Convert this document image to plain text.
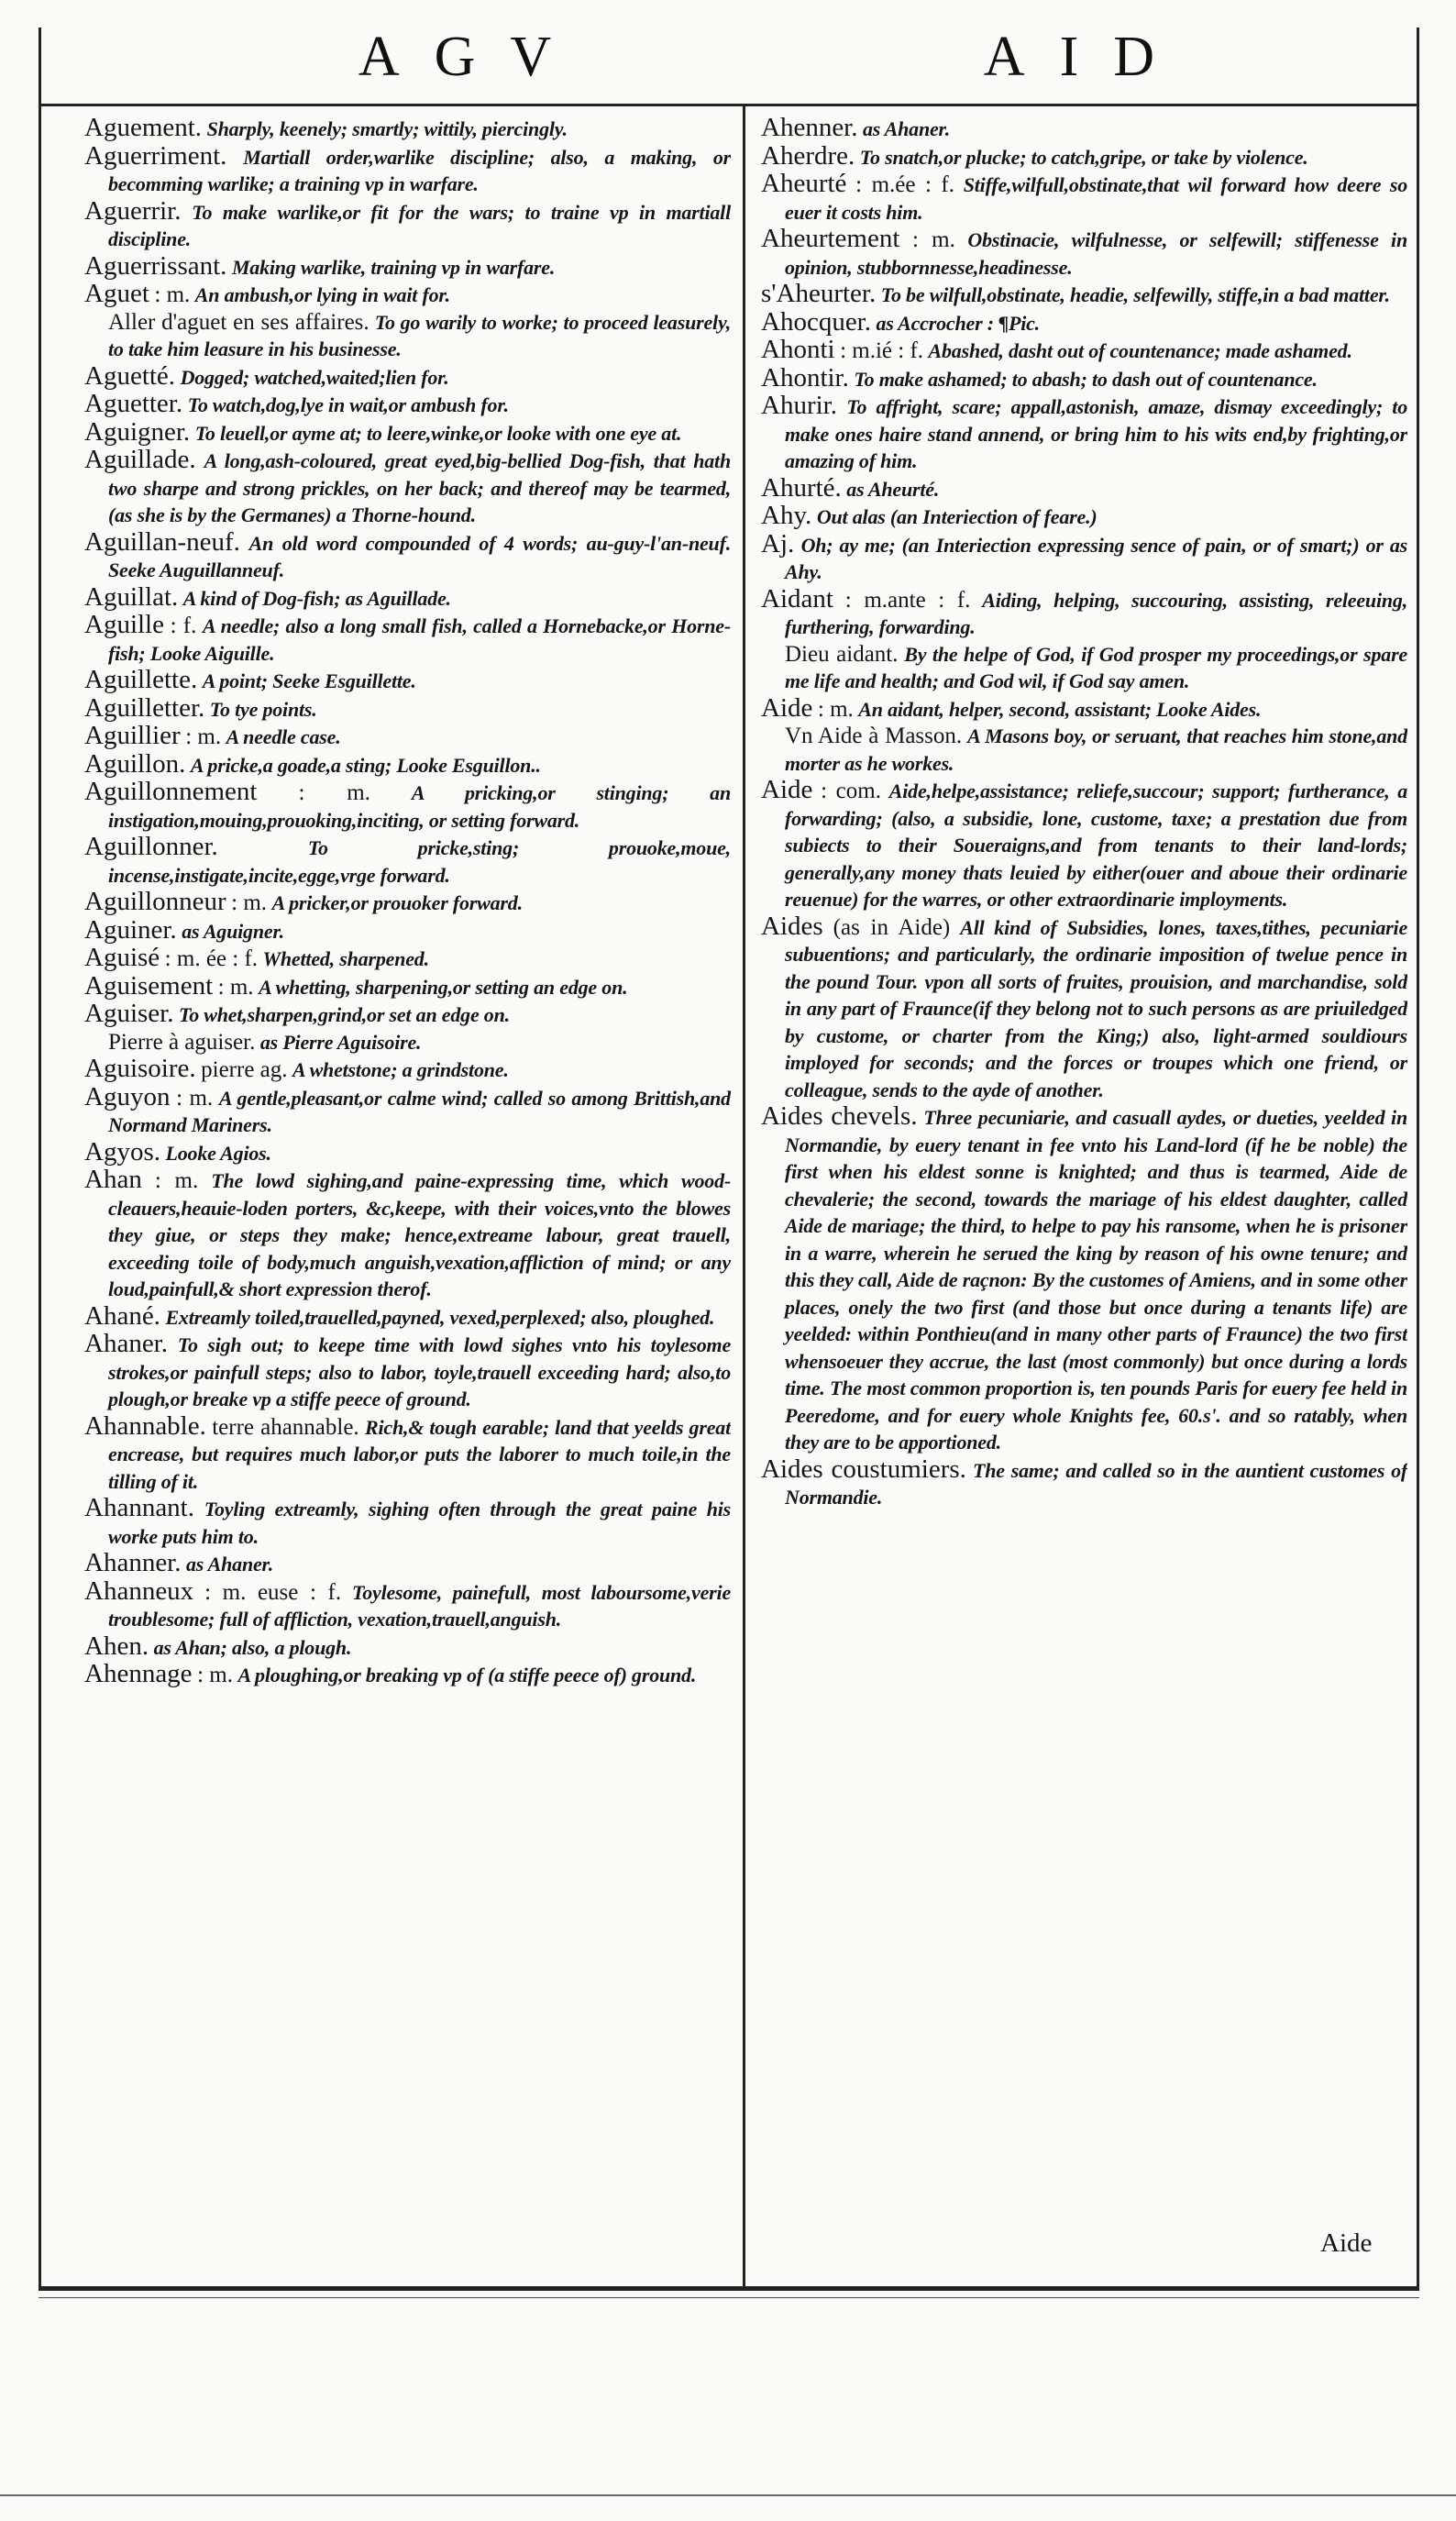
AGV	AID

Aguement. Sharply, keenely; smartly; wittily, piercingly.

Aguerriment. Martiall order,warlike discipline; also, a making, or becomming warlike; a training vp in warfare.

Aguerrir. To make warlike,or fit for the wars; to traine vp in martiall discipline.

Aguerrissant. Making warlike, training vp in warfare.

Aguet : m. An ambush,or lying in wait for.

Aller d'aguet en ses affaires. To go warily to worke; to proceed leasurely, to take him leasure in his businesse.

Aguetté. Dogged; watched,waited;lien for.

Aguetter. To watch,dog,lye in wait,or ambush for.

Aguigner. To leuell,or ayme at; to leere,winke,or looke with one eye at.

Aguillade. A long,ash-coloured, great eyed,big-bellied Dog-fish, that hath two sharpe and strong prickles, on her back; and thereof may be tearmed,(as she is by the Germanes) a Thorne-hound.

Aguillan-neuf. An old word compounded of 4 words; au-guy-l'an-neuf. Seeke Auguillanneuf.

Aguillat. A kind of Dog-fish; as Aguillade.

Aguille : f. A needle; also a long small fish, called a Hornebacke,or Horne-fish; Looke Aiguille.

Aguillette. A point; Seeke Esguillette.

Aguilletter. To tye points.

Aguillier : m. A needle case.

Aguillon. A pricke,a goade,a sting; Looke Esguillon..

Aguillonnement : m. A pricking,or stinging; an instigation,mouing,prouoking,inciting, or setting forward.

Aguillonner.	To pricke,sting; prouoke,moue, incense,instigate,incite,egge,vrge forward.

Aguillonneur : m. A pricker,or prouoker forward.

Aguiner. as Aguigner.

Aguisé : m. ée : f. Whetted, sharpened.

Aguisement : m. A whetting, sharpening,or setting an edge on.

Aguiser. To whet,sharpen,grind,or set an edge on.

Pierre à aguiser. as Pierre Aguisoire.

Aguisoire. pierre ag. A whetstone; a grindstone.

Aguyon : m. A gentle,pleasant,or calme wind; called so among Brittish,and Normand Mariners.

Agyos. Looke Agios.

Ahan : m. The lowd sighing,and paine-expressing time, which wood-cleauers,heauie-loden porters, &c,keepe, with their voices,vnto the blowes they giue, or steps they make; hence,extreame labour, great trauell, exceeding toile of body,much anguish,vexation,affliction of mind; or any loud,painfull,& short expression therof.

Ahané. Extreamly toiled,trauelled,payned, vexed,perplexed; also, ploughed.

Ahaner. To sigh out; to keepe time with lowd sighes vnto his toylesome strokes,or painfull steps; also to labor, toyle,trauell exceeding hard; also,to plough,or breake vp a stiffe peece of ground.

Ahannable. terre ahannable. Rich,& tough earable; land that yeelds great encrease, but requires much labor,or puts the laborer to much toile,in the tilling of it.

Ahannant. Toyling extreamly, sighing often through the great paine his worke puts him to.

Ahanner. as Ahaner.

Ahanneux : m. euse : f. Toylesome, painefull, most laboursome,verie troublesome; full of affliction, vexation,trauell,anguish.

Ahen. as Ahan; also, a plough.

Ahennage : m. A ploughing,or breaking vp of (a stiffe peece of) ground.

Ahenner. as Ahaner.

Aherdre. To snatch,or plucke; to catch,gripe, or take by violence.

Aheurté : m.ée : f. Stiffe,wilfull,obstinate,that wil forward how deere so euer it costs him.

Aheurtement : m. Obstinacie, wilfulnesse, or selfewill; stiffenesse in opinion, stubbornnesse,headinesse.

s'Aheurter. To be wilfull,obstinate, headie, selfewilly, stiffe,in a bad matter.

Ahocquer. as Accrocher : ¶Pic.

Ahonti : m.ié : f. Abashed, dasht out of countenance; made ashamed.

Ahontir. To make ashamed; to abash; to dash out of countenance.

Ahurir. To affright, scare; appall,astonish, amaze, dismay exceedingly; to make ones haire stand annend, or bring him to his wits end,by frighting,or amazing of him.

Ahurté. as Aheurté.

Ahy. Out alas (an Interiection of feare.)

Aj. Oh; ay me; (an Interiection expressing sence of pain, or of smart;) or as Ahy.

Aidant : m.ante : f. Aiding, helping, succouring, assisting, releeuing, furthering, forwarding.

Dieu aidant. By the helpe of God, if God prosper my proceedings,or spare me life and health; and God wil, if God say amen.

Aide : m. An aidant, helper, second, assistant; Looke Aides.

Vn Aide à Masson. A Masons boy, or seruant, that reaches him stone,and morter as he workes.

Aide : com. Aide,helpe,assistance; reliefe,succour; support; furtherance, a forwarding; (also, a subsidie, lone, custome, taxe; a prestation due from subiects to their Soueraigns,and from tenants to their land-lords; generally,any money thats leuied by either(ouer and aboue their ordinarie reuenue) for the warres, or other extraordinarie imployments.

Aides (as in Aide) All kind of Subsidies, lones, taxes,tithes, pecuniarie subuentions; and particularly, the ordinarie imposition of twelue pence in the pound Tour. vpon all sorts of fruites, prouision, and marchandise, sold in any part of Fraunce(if they belong not to such persons as are priuiledged by custome, or charter from the King;) also, light-armed souldiours imployed for seconds; and the forces or troupes which one friend, or colleague, sends to the ayde of another.

Aides chevels. Three pecuniarie, and casuall aydes, or dueties, yeelded in Normandie, by euery tenant in fee vnto his Land-lord (if he be noble) the first when his eldest sonne is knighted; and thus is tearmed, Aide de chevalerie; the second, towards the mariage of his eldest daughter, called Aide de mariage; the third, to helpe to pay his ransome, when he is prisoner in a warre, wherein he serued the king by reason of his owne tenure; and this they call, Aide de raçnon: By the customes of Amiens, and in some other places, onely the two first (and those but once during a tenants life) are yeelded: within Ponthieu(and in many other parts of Fraunce) the two first whensoeuer they accrue, the last (most commonly) but once during a lords time. The most common proportion is, ten pounds Paris for euery fee held in Peeredome, and for euery whole Knights fee, 60.s'. and so ratably, when they are to be apportioned.

Aides coustumiers. The same; and called so in the auntient customes of Normandie.

Aide
